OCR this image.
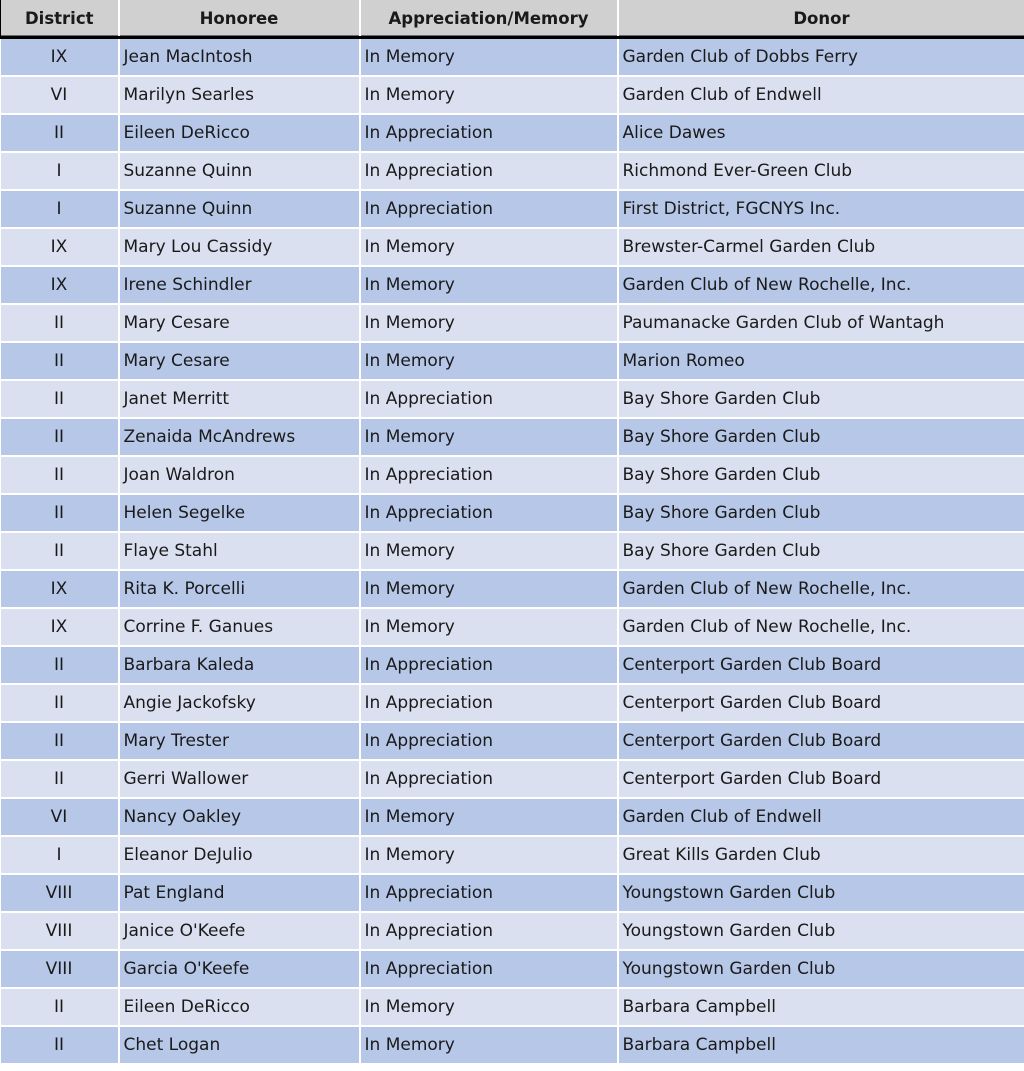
District	Honoree	Appreciation/Memory	Donor
IX	Jean MacIntosh	In Memory	Garden Club of Dobbs Ferry
VI	Marilyn Searles	In Memory	Garden Club of Endwell
II	Eileen DeRicco	In Appreciation	Alice Dawes
I	Suzanne Quinn	In Appreciation	Richmond Ever-Green Club
I	Suzanne Quinn	In Appreciation	First District, FGCNYS Inc.
IX	Mary Lou Cassidy	In Memory	Brewster-Carmel Garden Club
IX	Irene Schindler	In Memory	Garden Club of New Rochelle, Inc.
II	Mary Cesare	In Memory	Paumanacke Garden Club of Wantagh
II	Mary Cesare	In Memory	Marion Romeo
II	Janet Merritt	In Appreciation	Bay Shore Garden Club
II	Zenaida McAndrews	In Memory	Bay Shore Garden Club
II	Joan Waldron	In Appreciation	Bay Shore Garden Club
II	Helen Segelke	In Appreciation	Bay Shore Garden Club
II	Flaye Stahl	In Memory	Bay Shore Garden Club
IX	Rita K. Porcelli	In Memory	Garden Club of New Rochelle, Inc.
IX	Corrine F. Ganues	In Memory	Garden Club of New Rochelle, Inc.
II	Barbara Kaleda	In Appreciation	Centerport Garden Club Board
II	Angie Jackofsky	In Appreciation	Centerport Garden Club Board
II	Mary Trester	In Appreciation	Centerport Garden Club Board
II	Gerri Wallower	In Appreciation	Centerport Garden Club Board
VI	Nancy Oakley	In Memory	Garden Club of Endwell
I	Eleanor DeJulio	In Memory	Great Kills Garden Club
VIII	Pat England	In Appreciation	Youngstown Garden Club
VIII	Janice O'Keefe	In Appreciation	Youngstown Garden Club
VIII	Garcia O'Keefe	In Appreciation	Youngstown Garden Club
II	Eileen DeRicco	In Memory	Barbara Campbell
II	Chet Logan	In Memory	Barbara Campbell
